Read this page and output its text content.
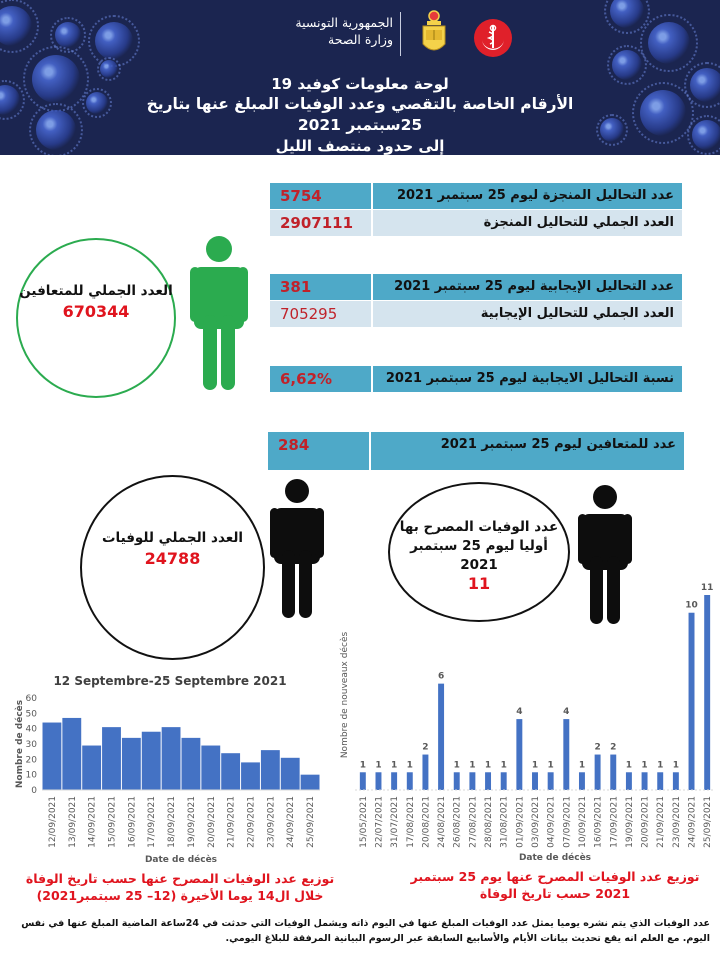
الجمهورية التونسية
وزارة الصحة
لوحة معلومات كوفيد 19
الأرقام الخاصة بالتقصي وعدد الوفيات المبلغ عنها بتاريخ 25سبتمبر 2021
إلى حدود منتصف الليل
5754	عدد التحاليل المنجزة ليوم 25 سبتمبر 2021
2907111	العدد الجملي للتحاليل المنجزة
381	عدد التحاليل الإيجابية ليوم 25 سبتمبر 2021
705295	العدد الجملي للتحاليل الإيجابية
6,62%	نسبة التحاليل الايجابية ليوم 25 سبتمبر 2021
284	عدد للمتعافين ليوم 25 سبتمبر 2021
العدد الجملي للمتعافين
670344
العدد الجملي للوفيات
24788
عدد الوفيات المصرح بها
أوليا ليوم 25 سبتمبر
2021
11
12 Septembre-25 Septembre 2021
0
10
20
30
40
50
60
Nombre de décès
12/09/2021 13/09/2021 14/09/2021 15/09/2021 16/09/2021 17/09/2021 18/09/2021 19/09/2021 20/09/2021 21/09/2021 22/09/2021 23/09/2021 24/09/2021 25/09/2021
Date de décès
توزيع عدد الوفيات المصرح عنها حسب تاريخ الوفاة خلال ال14 يوما الأخيرة (12– 25 سبتمبر2021)
Nombre de nouveaux décès
1
15/05/2021
1
22/07/2021
1
31/07/2021
1
17/08/2021
2
20/08/2021
6
24/08/2021
1
26/08/2021
1
27/08/2021
1
28/08/2021
1
31/08/2021
4
01/09/2021
1
03/09/2021
1
04/09/2021
4
07/09/2021
1
10/09/2021
2
16/09/2021
2
17/09/2021
1
19/09/2021
1
20/09/2021
1
21/09/2021
1
23/09/2021
10
24/09/2021
11
25/09/2021
Date de décès
توزيع عدد الوفيات المصرح عنها يوم 25 سبتمبر 2021 حسب تاريخ الوفاة
عدد الوفيات الذي يتم نشره يوميا يمثل عدد الوفيات المبلغ عنها في اليوم ذاته ويشمل الوفيات التي حدثت في 24ساعة الماضية المبلغ عنها في نفس اليوم. مع العلم انه يقع تحديث بيانات الأيام والأسابيع السابقة عبر الرسوم البيانية المرفقة للبلاغ اليومي.
